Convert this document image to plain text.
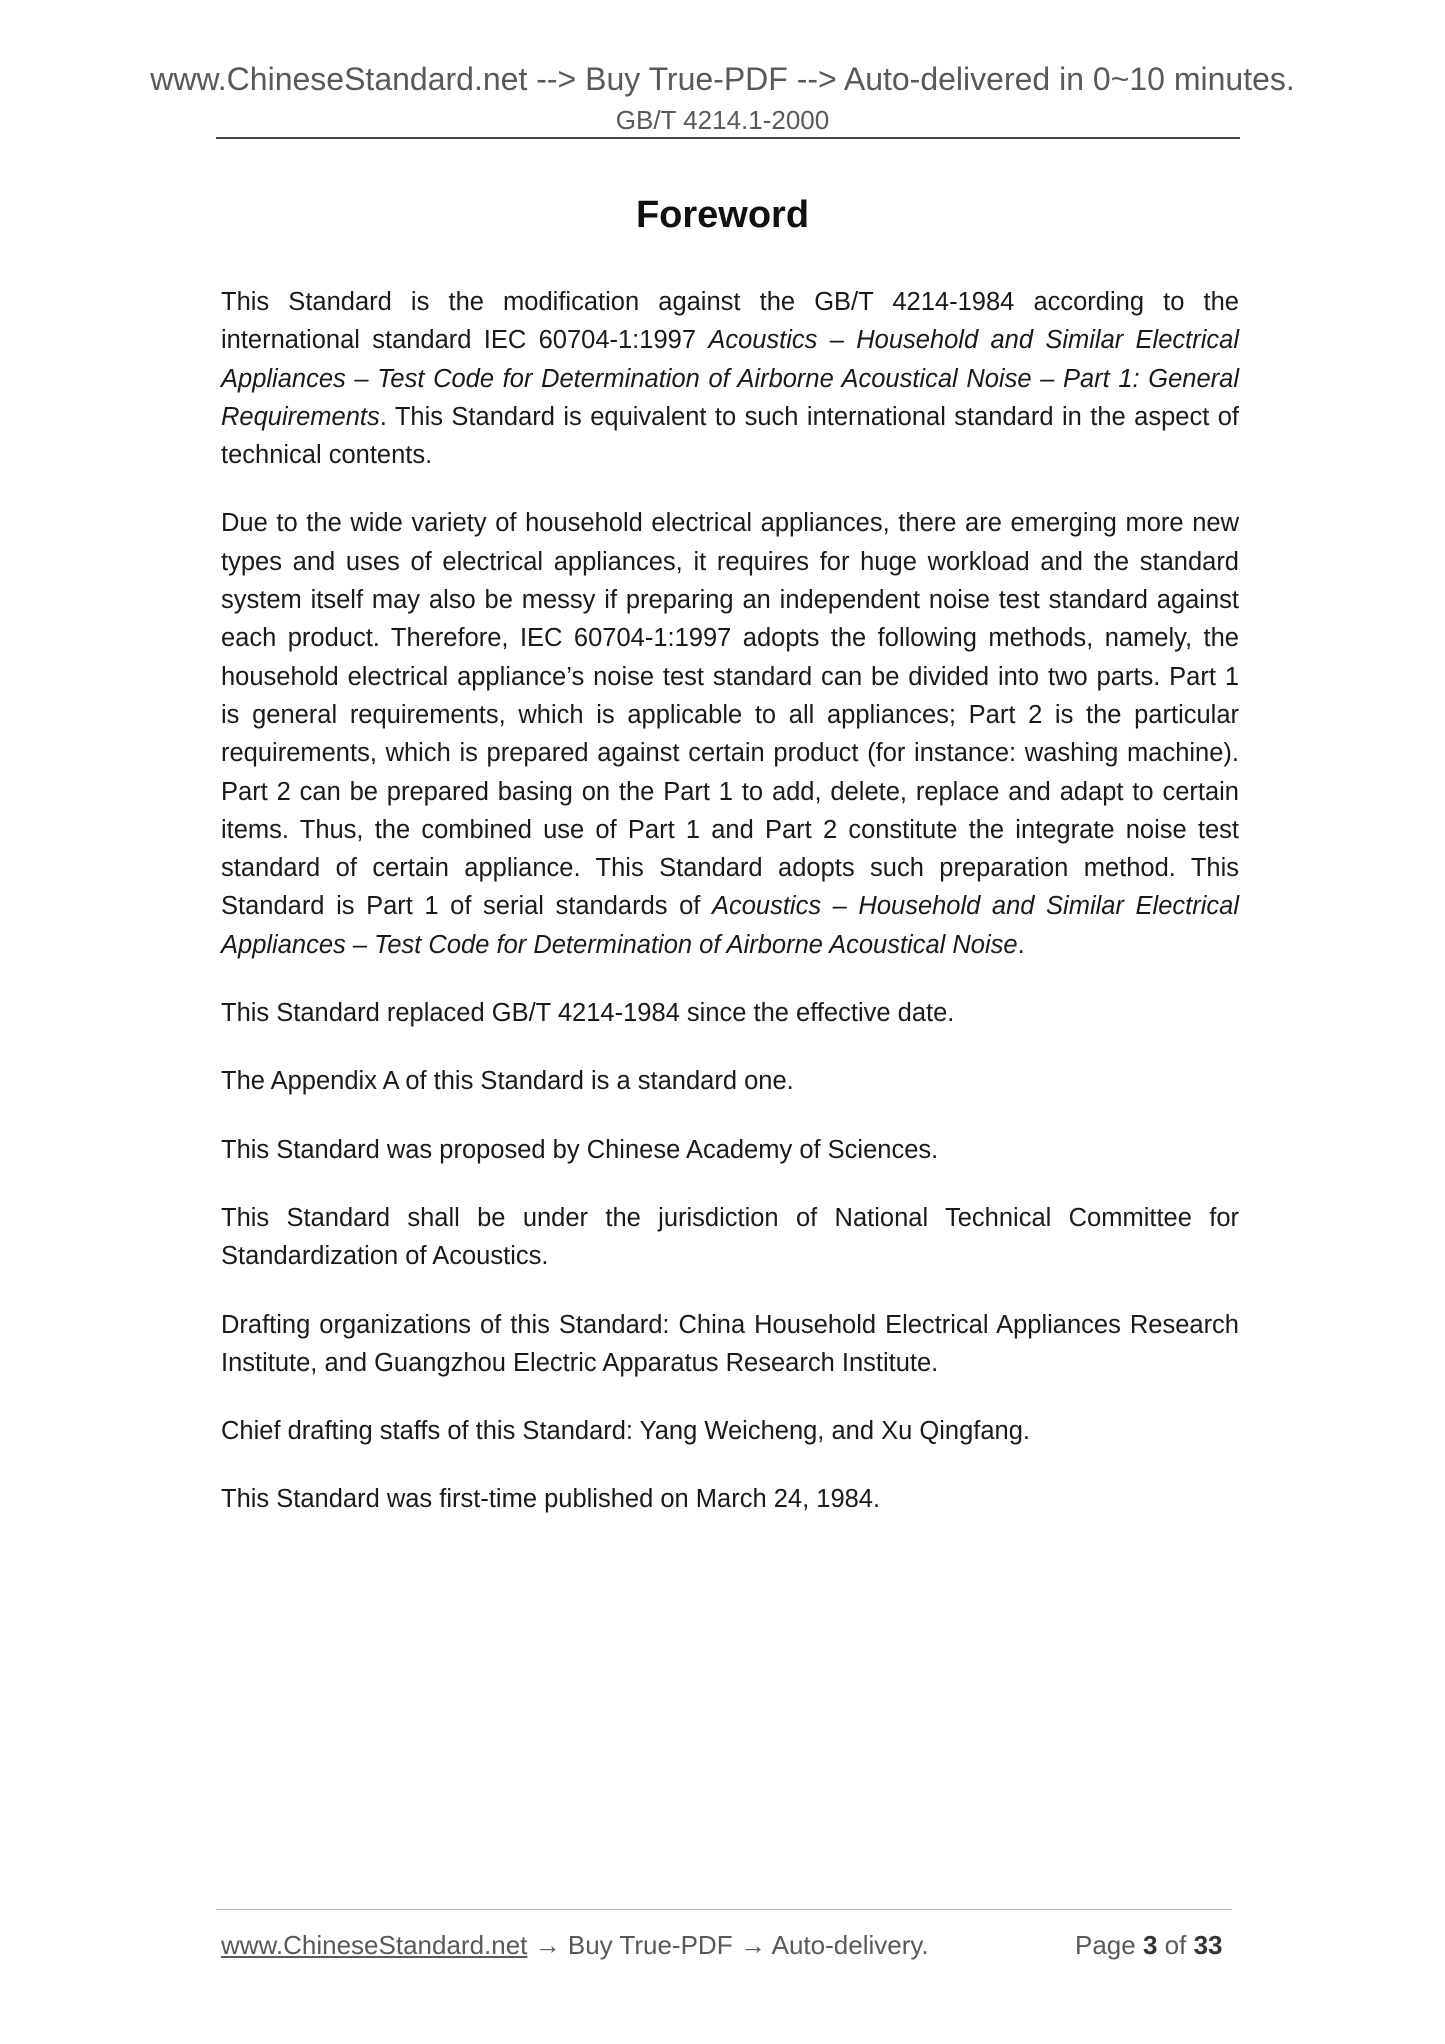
www.ChineseStandard.net --> Buy True-PDF --> Auto-delivered in 0~10 minutes.
GB/T 4214.1-2000
Foreword

This Standard is the modification against the GB/T 4214-1984 according to the international standard IEC 60704-1:1997 Acoustics – Household and Similar Electrical Appliances – Test Code for Determination of Airborne Acoustical Noise – Part 1: General Requirements. This Standard is equivalent to such international standard in the aspect of technical contents.

Due to the wide variety of household electrical appliances, there are emerging more new types and uses of electrical appliances, it requires for huge workload and the standard system itself may also be messy if preparing an independent noise test standard against each product. Therefore, IEC 60704-1:1997 adopts the following methods, namely, the household electrical appliance’s noise test standard can be divided into two parts. Part 1 is general requirements, which is applicable to all appliances; Part 2 is the particular requirements, which is prepared against certain product (for instance: washing machine). Part 2 can be prepared basing on the Part 1 to add, delete, replace and adapt to certain items. Thus, the combined use of Part 1 and Part 2 constitute the integrate noise test standard of certain appliance. This Standard adopts such preparation method. This Standard is Part 1 of serial standards of Acoustics – Household and Similar Electrical Appliances – Test Code for Determination of Airborne Acoustical Noise.

This Standard replaced GB/T 4214-1984 since the effective date.

The Appendix A of this Standard is a standard one.

This Standard was proposed by Chinese Academy of Sciences.

This Standard shall be under the jurisdiction of National Technical Committee for Standardization of Acoustics.

Drafting organizations of this Standard: China Household Electrical Appliances Research Institute, and Guangzhou Electric Apparatus Research Institute.

Chief drafting staffs of this Standard: Yang Weicheng, and Xu Qingfang.

This Standard was first-time published on March 24, 1984.

www.ChineseStandard.net → Buy True-PDF → Auto-delivery.	Page 3 of 33
